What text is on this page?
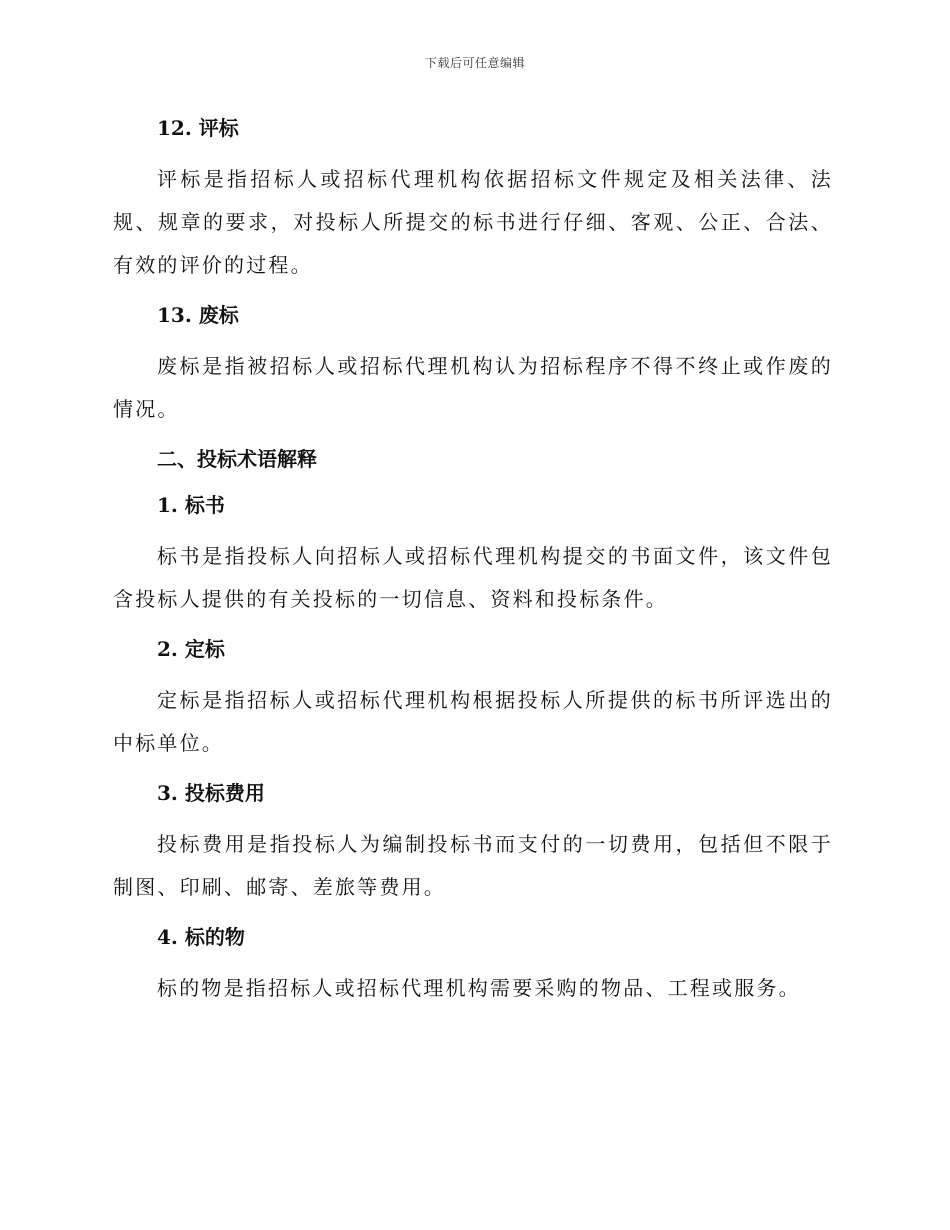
下载后可任意编辑
12. 评标

评标是指招标人或招标代理机构依据招标文件规定及相关法律、法规、规章的要求，对投标人所提交的标书进行仔细、客观、公正、合法、有效的评价的过程。

13. 废标

废标是指被招标人或招标代理机构认为招标程序不得不终止或作废的情况。

二、投标术语解释
1. 标书

标书是指投标人向招标人或招标代理机构提交的书面文件，该文件包含投标人提供的有关投标的一切信息、资料和投标条件。

2. 定标

定标是指招标人或招标代理机构根据投标人所提供的标书所评选出的中标单位。

3. 投标费用

投标费用是指投标人为编制投标书而支付的一切费用，包括但不限于制图、印刷、邮寄、差旅等费用。

4. 标的物

标的物是指招标人或招标代理机构需要采购的物品、工程或服务。
